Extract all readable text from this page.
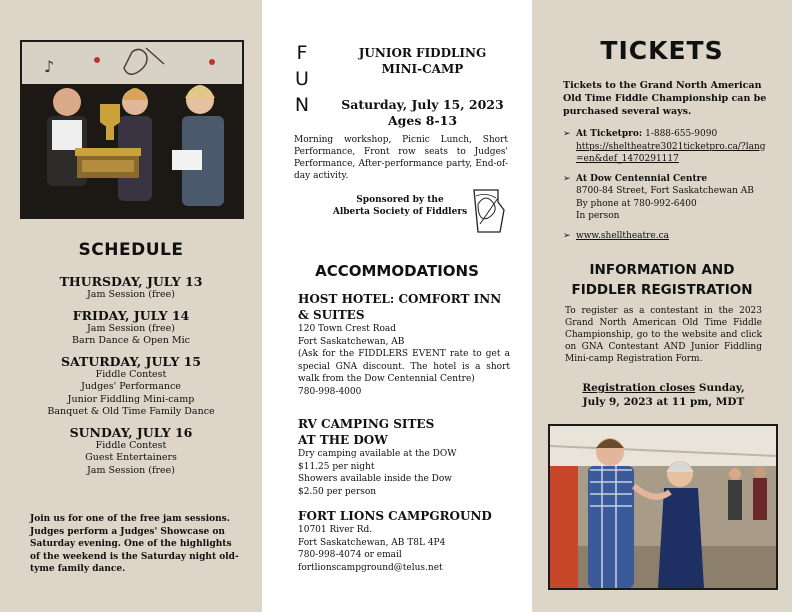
♪
SCHEDULE
THURSDAY, JULY 13
Jam Session (free)
FRIDAY, JULY 14
Jam Session (free)
Barn Dance & Open Mic
SATURDAY, JULY 15
Fiddle Contest
Judges' Performance
Junior Fiddling Mini-camp
Banquet & Old Time Family Dance
SUNDAY, JULY 16
Fiddle Contest
Guest Entertainers
Jam Session (free)
Join us for one of the free jam sessions. Judges perform a Judges' Showcase on Saturday evening. One of the highlights of the weekend is the Saturday night old-tyme family dance.
F
U
N
JUNIOR FIDDLING
MINI-CAMP
Saturday, July 15, 2023
Ages 8-13
Morning workshop, Picnic Lunch, Short Performance, Front row seats to Judges' Performance, After-performance party, End-of-day activity.
Sponsored by the
Alberta Society of Fiddlers
ACCOMMODATIONS
HOST HOTEL: COMFORT INN & SUITES
120 Town Crest Road
Fort Saskatchewan, AB
(Ask for the FIDDLERS EVENT rate to get a special GNA discount. The hotel is a short walk from the Dow Centennial Centre)
780-998-4000
RV CAMPING SITES
AT THE DOW
Dry camping available at the DOW
$11.25 per night
Showers available inside the Dow
$2.50 per person
FORT LIONS CAMPGROUND
10701 River Rd.
Fort Saskatchewan, AB T8L 4P4
780-998-4074 or email
fortlionscampground@telus.net
TICKETS
Tickets to the Grand North American Old Time Fiddle Championship can be purchased several ways.
➢ At Ticketpro: 1-888-655-9090
https://sheltheatre3021ticketpro.ca/?lang=en&def_1470291117
➢ At Dow Centennial Centre
8700-84 Street, Fort Saskatchewan AB
By phone at 780-992-6400
In person
➢ www.shelltheatre.ca
INFORMATION AND
FIDDLER REGISTRATION
To register as a contestant in the 2023 Grand North American Old Time Fiddle Championship, go to the website and click on GNA Contestant AND Junior Fiddling Mini-camp Registration Form.
Registration closes Sunday,
July 9, 2023 at 11 pm, MDT
